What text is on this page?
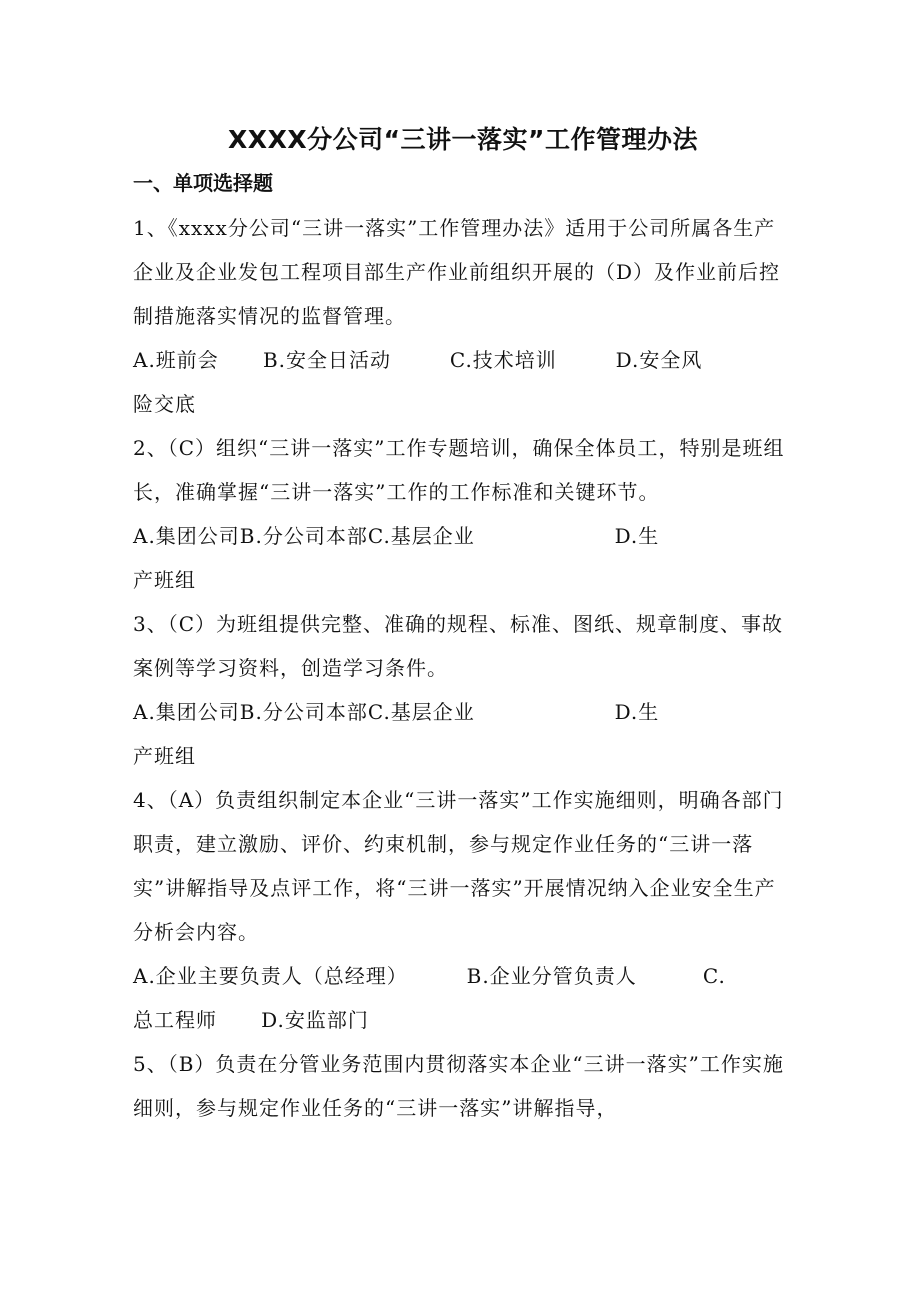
XXXX分公司“三讲一落实”工作管理办法
一、单项选择题

1、《xxxx分公司“三讲一落实”工作管理办法》适用于公司所属各生产企业及企业发包工程项目部生产作业前组织开展的（D）及作业前后控制措施落实情况的监督管理。

A.班前会      B.安全日活动        C.技术培训        D.安全风

险交底

2、（C）组织“三讲一落实”工作专题培训，确保全体员工，特别是班组长，准确掌握“三讲一落实”工作的工作标准和关键环节。

A.集团公司B.分公司本部C.基层企业                   D.生

产班组

3、（C）为班组提供完整、准确的规程、标准、图纸、规章制度、事故案例等学习资料，创造学习条件。

A.集团公司B.分公司本部C.基层企业                   D.生

产班组

4、（A）负责组织制定本企业“三讲一落实”工作实施细则，明确各部门职责，建立激励、评价、约束机制，参与规定作业任务的“三讲一落实”讲解指导及点评工作，将“三讲一落实”开展情况纳入企业安全生产分析会内容。

A.企业主要负责人（总经理）        B.企业分管负责人         C.

总工程师      D.安监部门

5、（B）负责在分管业务范围内贯彻落实本企业“三讲一落实”工作实施细则，参与规定作业任务的“三讲一落实”讲解指导，
